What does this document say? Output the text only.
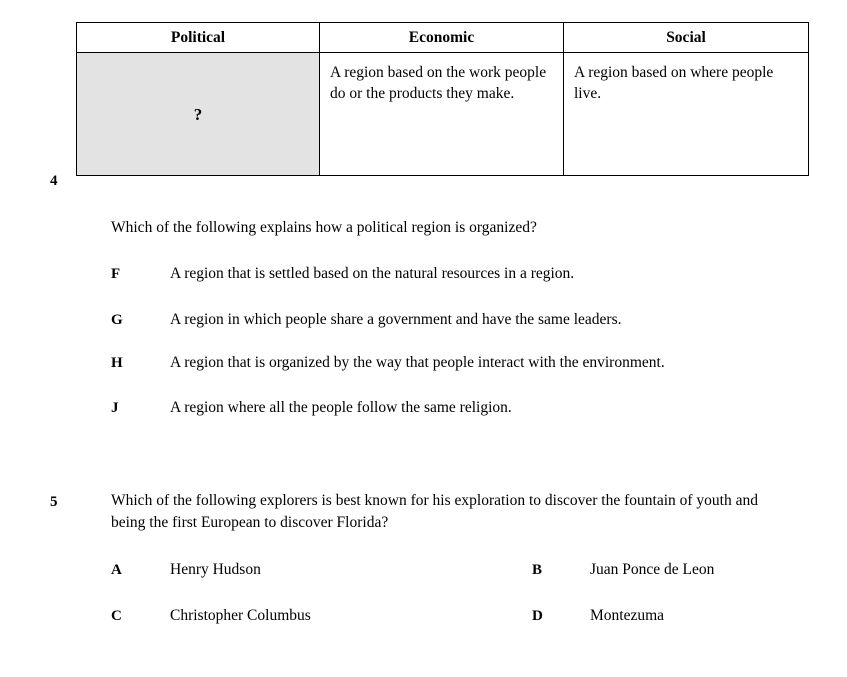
Political	Economic	Social
?	A region based on the work people do or the products they make.	A region based on where people live.
4
Which of the following explains how a political region is organized?
F	A region that is settled based on the natural resources in a region.
G	A region in which people share a government and have the same leaders.
H	A region that is organized by the way that people interact with the environment.
J	A region where all the people follow the same religion.
5	Which of the following explorers is best known for his exploration to discover the fountain of youth and being the first European to discover Florida?
A	Henry Hudson	B	Juan Ponce de Leon
C	Christopher Columbus	D	Montezuma
